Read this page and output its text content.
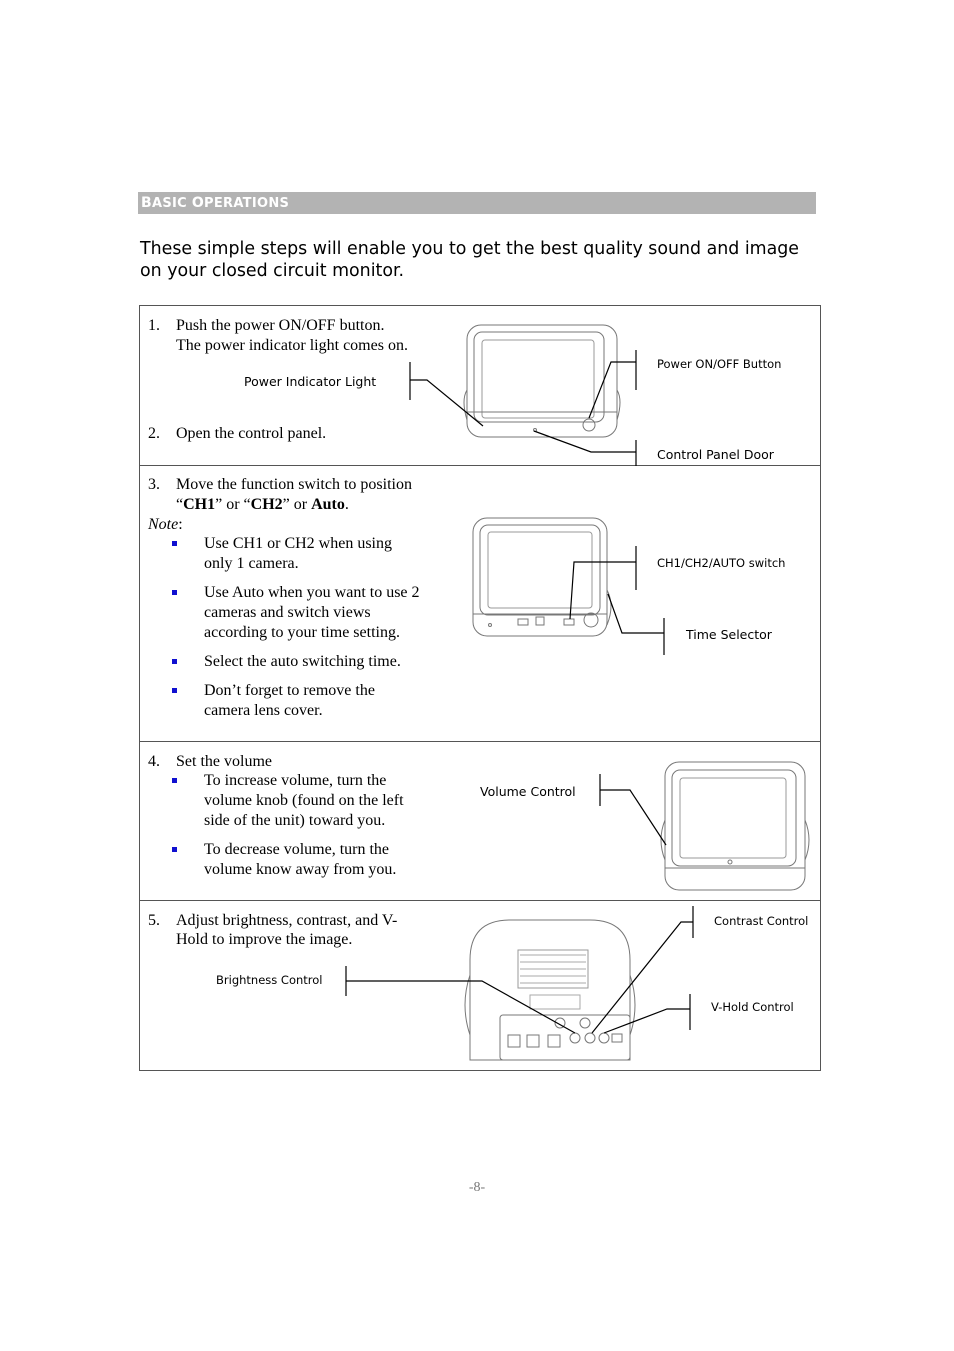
BASIC OPERATIONS
These simple steps will enable you to get the best quality sound and image on your closed circuit monitor.
1. Push the power ON/OFF button.
The power indicator light comes on.
Power Indicator Light
Power ON/OFF Button
2. Open the control panel.
Control Panel Door
3. Move the function switch to position
“CH1” or “CH2” or Auto.
Note:
Use CH1 or CH2 when using
only 1 camera.
Use Auto when you want to use 2
cameras and switch views
according to your time setting.
Select the auto switching time.
Don’t forget to remove the
camera lens cover.
CH1/CH2/AUTO switch
Time Selector
4. Set the volume
To increase volume, turn the
volume knob (found on the left
side of the unit) toward you.
To decrease volume, turn the
volume know away from you.
Volume Control
5. Adjust brightness, contrast, and V-
Hold to improve the image.
Contrast Control
Brightness Control
V-Hold Control
-8-
